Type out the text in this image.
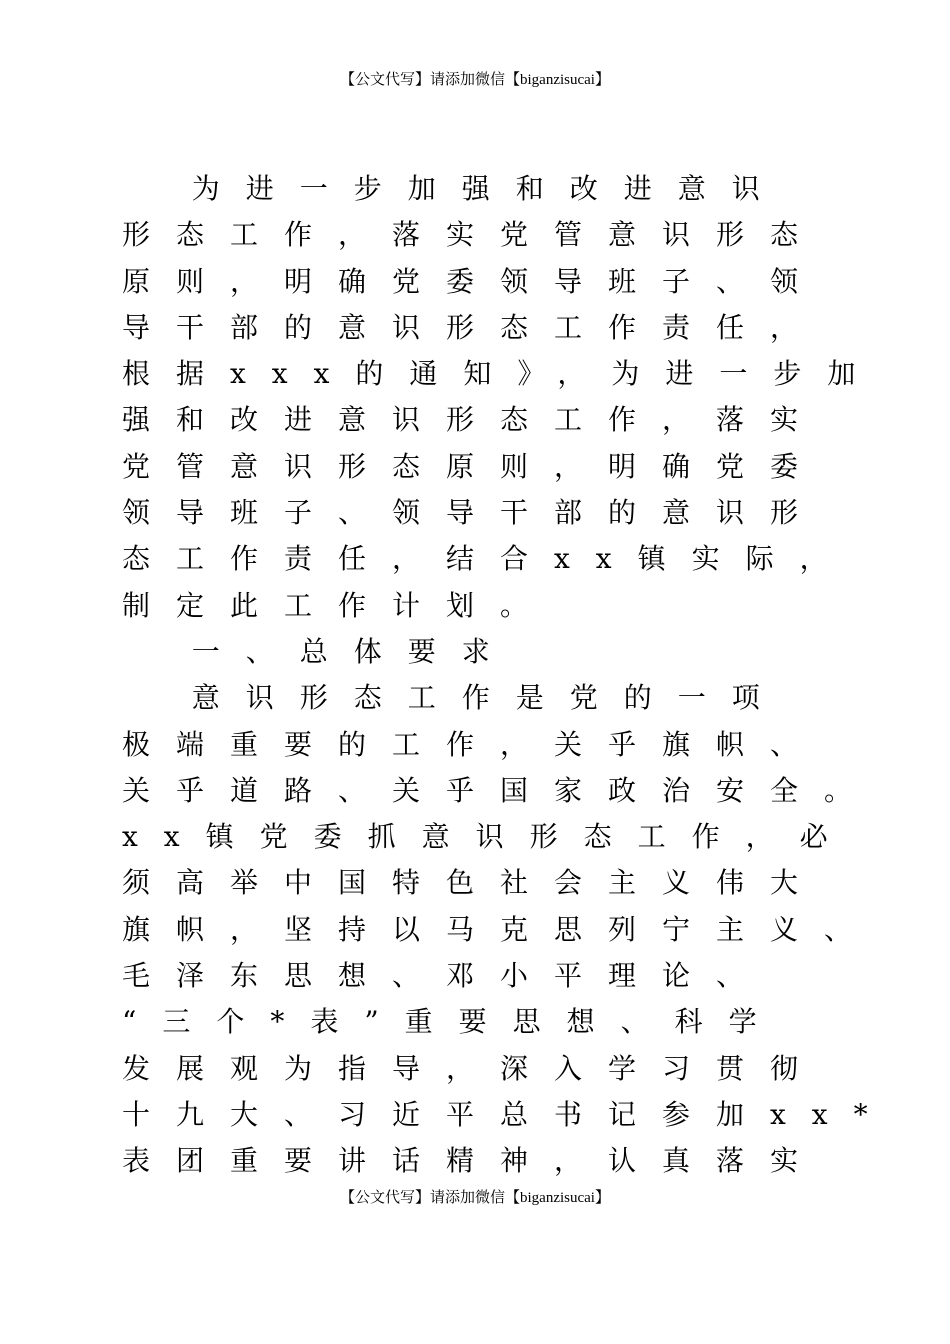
【公文代写】请添加微信【biganzisucai】
为进一步加强和改进意识
形态工作，落实党管意识形态
原则，明确党委领导班子、领
导干部的意识形态工作责任，
根据xxx的通知》，为进一步加
强和改进意识形态工作，落实
党管意识形态原则，明确党委
领导班子、领导干部的意识形
态工作责任，结合xx镇实际，
制定此工作计划。
一、总体要求
意识形态工作是党的一项
极端重要的工作，关乎旗帜、
关乎道路、关乎国家政治安全。
xx镇党委抓意识形态工作，必
须高举中国特色社会主义伟大
旗帜，坚持以马克思列宁主义、
毛泽东思想、邓小平理论、
“三个*表”重要思想、科学
发展观为指导，深入学习贯彻
十九大、习近平总书记参加xx*
表团重要讲话精神，认真落实
【公文代写】请添加微信【biganzisucai】
